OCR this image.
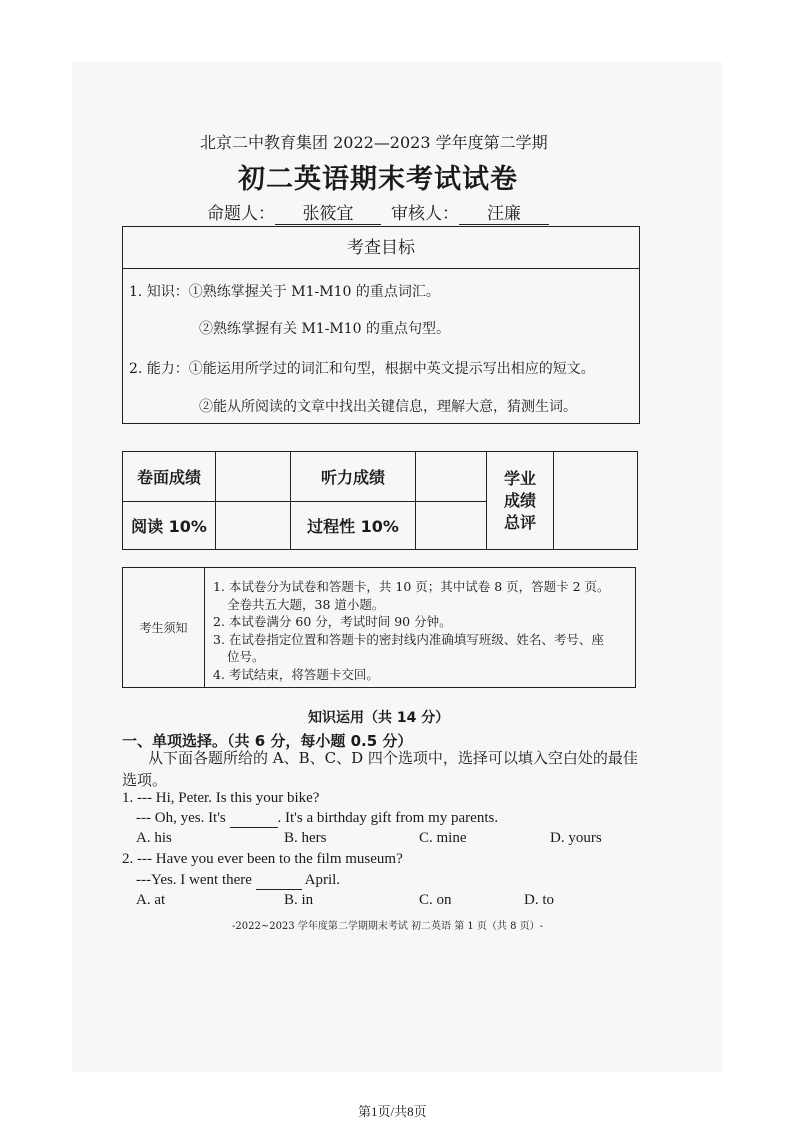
北京二中教育集团 2022—2023 学年度第二学期
初二英语期末考试试卷
命题人： 张筱宜 审核人： 汪廉
考查目标
1. 知识：①熟练掌握关于 M1-M10 的重点词汇。
②熟练掌握有关 M1-M10 的重点句型。
2. 能力：①能运用所学过的词汇和句型，根据中英文提示写出相应的短文。
②能从所阅读的文章中找出关键信息，理解大意，猜测生词。
卷面成绩		听力成绩		学业
成绩
总评	

阅读 10%		过程性 10%			
考生须知
1. 本试卷分为试卷和答题卡，共 10 页；其中试卷 8 页，答题卡 2 页。
全卷共五大题，38 道小题。
2. 本试卷满分 60 分，考试时间 90 分钟。
3. 在试卷指定位置和答题卡的密封线内准确填写班级、姓名、考号、座
位号。
4. 考试结束，将答题卡交回。
知识运用（共 14 分）
一、单项选择。（共 6 分，每小题 0.5 分）
从下面各题所给的 A、B、C、D 四个选项中，选择可以填入空白处的最佳
选项。
1. --- Hi, Peter. Is this your bike?
--- Oh, yes. It's	. It's a birthday gift from my parents.
A. his	B. hers	C. mine	D. yours
2. --- Have you ever been to the film museum?
---Yes. I went there	April.
A. at	B. in	C. on	D. to
-2022~2023 学年度第二学期期末考试 初二英语 第 1 页（共 8 页）-
第1页/共8页
